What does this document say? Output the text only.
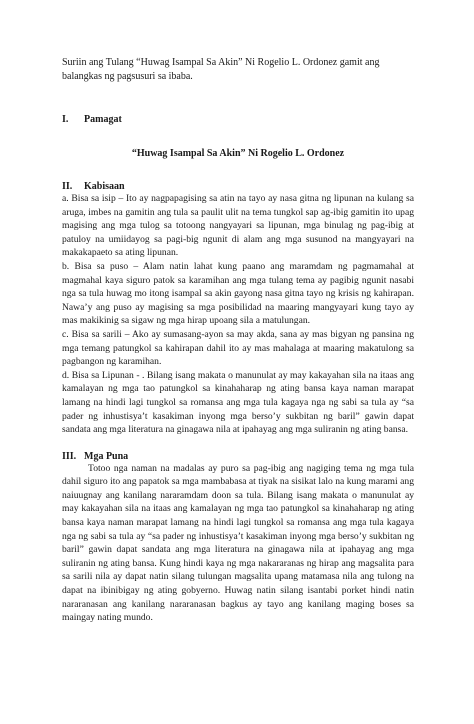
Suriin ang Tulang “Huwag Isampal Sa Akin” Ni Rogelio L. Ordonez gamit ang balangkas ng pagsusuri sa ibaba.

I.	Pamagat
“Huwag Isampal Sa Akin” Ni Rogelio L. Ordonez
II.	Kabisaan

a. Bisa sa isip – Ito ay nagpapagising sa atin na tayo ay nasa gitna ng lipunan na kulang sa aruga, imbes na gamitin ang tula sa paulit ulit na tema tungkol sap ag-ibig gamitin ito upag magising ang mga tulog sa totoong nangyayari sa lipunan, mga binulag ng pag-ibig at patuloy na umiidayog sa pagi-big ngunit di alam ang mga susunod na mangyayari na makakapaeto sa ating lipunan.

b. Bisa sa puso – Alam natin lahat kung paano ang maramdam ng pagmamahal at magmahal kaya siguro patok sa karamihan ang mga tulang tema ay pagibig ngunit nasabi nga sa tula huwag mo itong isampal sa akin gayong nasa gitna tayo ng krisis ng kahirapan. Nawa’y ang puso ay magising sa mga posibilidad na maaring mangyayari kung tayo ay mas makikinig sa sigaw ng mga hirap upoang sila a matulungan.

c. Bisa sa sarili – Ako ay sumasang-ayon sa may akda, sana ay mas bigyan ng pansina ng mga temang patungkol sa kahirapan dahil ito ay mas mahalaga at maaring makatulong sa pagbangon ng karamihan.

d. Bisa sa Lipunan - . Bilang isang makata o manunulat ay may kakayahan sila na itaas ang kamalayan ng mga tao patungkol sa kinahaharap ng ating bansa kaya naman marapat lamang na hindi lagi tungkol sa romansa ang mga tula kagaya nga ng sabi sa tula ay “sa pader ng inhustisya’t kasakiman inyong mga berso’y sukbitan ng baril” gawin dapat sandata ang mga literatura na ginagawa nila at ipahayag ang mga suliranin ng ating bansa.

III. Mga Puna

Totoo nga naman na madalas ay puro sa pag-ibig ang nagiging tema ng mga tula dahil siguro ito ang papatok sa mga mambabasa at tiyak na sisikat lalo na kung marami ang naiuugnay ang kanilang nararamdam doon sa tula. Bilang isang makata o manunulat ay may kakayahan sila na itaas ang kamalayan ng mga tao patungkol sa kinahaharap ng ating bansa kaya naman marapat lamang na hindi lagi tungkol sa romansa ang mga tula kagaya nga ng sabi sa tula ay “sa pader ng inhustisya’t kasakiman inyong mga berso’y sukbitan ng baril” gawin dapat sandata ang mga literatura na ginagawa nila at ipahayag ang mga suliranin ng ating bansa. Kung hindi kaya ng mga nakararanas ng hirap ang magsalita para sa sarili nila ay dapat natin silang tulungan magsalita upang matamasa nila ang tulong na dapat na ibinibigay ng ating gobyerno. Huwag natin silang isantabi porket hindi natin nararanasan ang kanilang nararanasan bagkus ay tayo ang kanilang maging boses sa maingay nating mundo.
